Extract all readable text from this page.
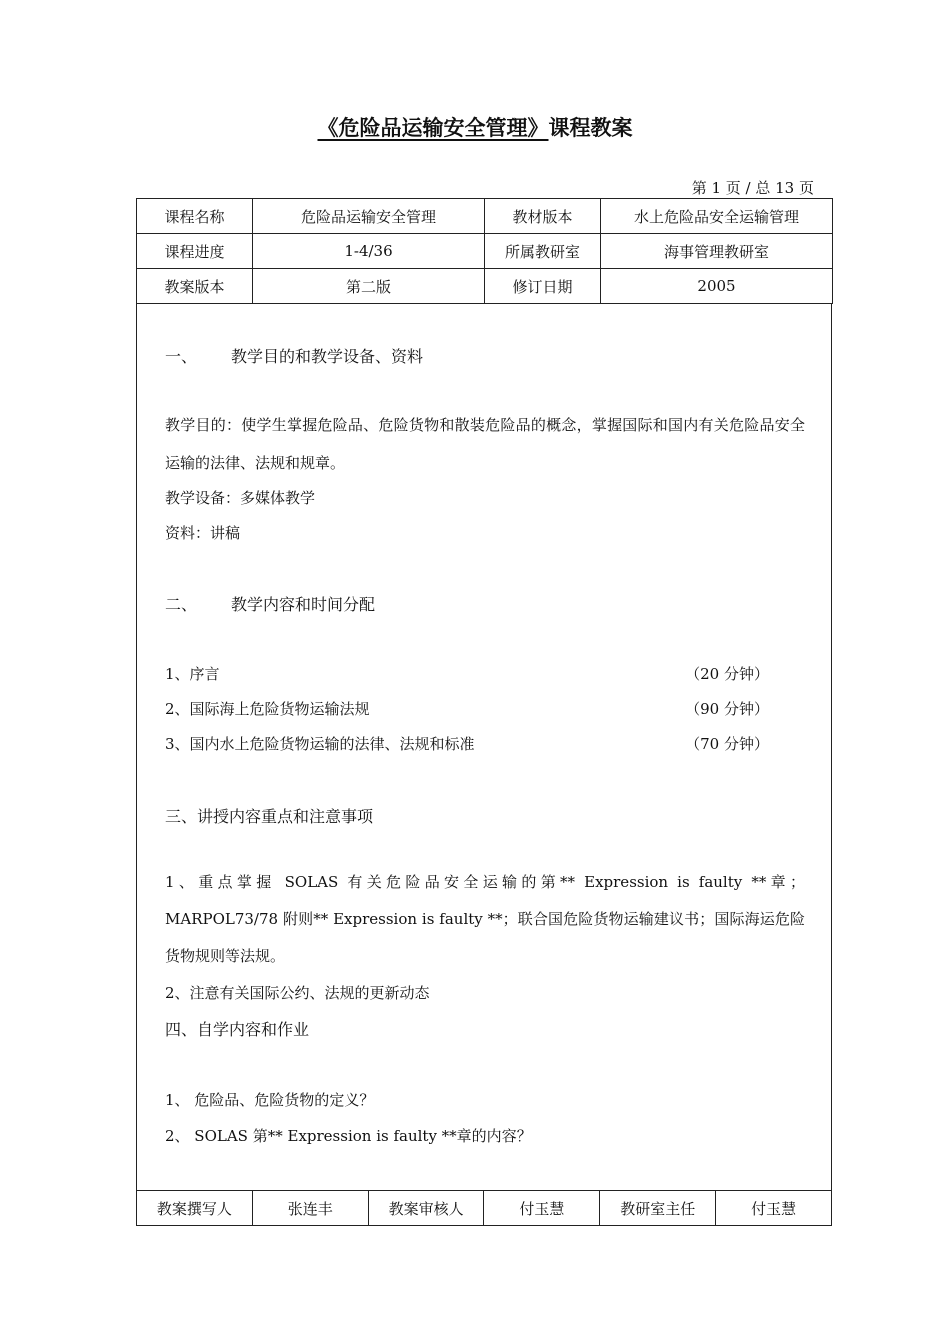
《危险品运输安全管理》课程教案
第 1 页 / 总 13 页
课程名称	危险品运输安全管理	教材版本	水上危险品安全运输管理
课程进度	1-4/36	所属教研室	海事管理教研室
教案版本	第二版	修订日期	2005
一、 教学目的和教学设备、资料
教学目的：使学生掌握危险品、危险货物和散装危险品的概念，掌握国际和国内有关危险品安全运输的法律、法规和规章。
教学设备：多媒体教学
资料：讲稿
二、 教学内容和时间分配
1、序言	（20 分钟）
2、国际海上危险货物运输法规	（90 分钟）
3、国内水上危险货物运输的法律、法规和标准	（70 分钟）
三、讲授内容重点和注意事项
1、重点掌握 SOLAS 有关危险品安全运输的第** Expression is faulty **章；MARPOL73/78 附则** Expression is faulty **；联合国危险货物运输建议书；国际海运危险货物规则等法规。
2、注意有关国际公约、法规的更新动态
四、自学内容和作业
1、 危险品、危险货物的定义？
2、 SOLAS 第** Expression is faulty **章的内容？
教案撰写人	张连丰	教案审核人	付玉慧	教研室主任	付玉慧
